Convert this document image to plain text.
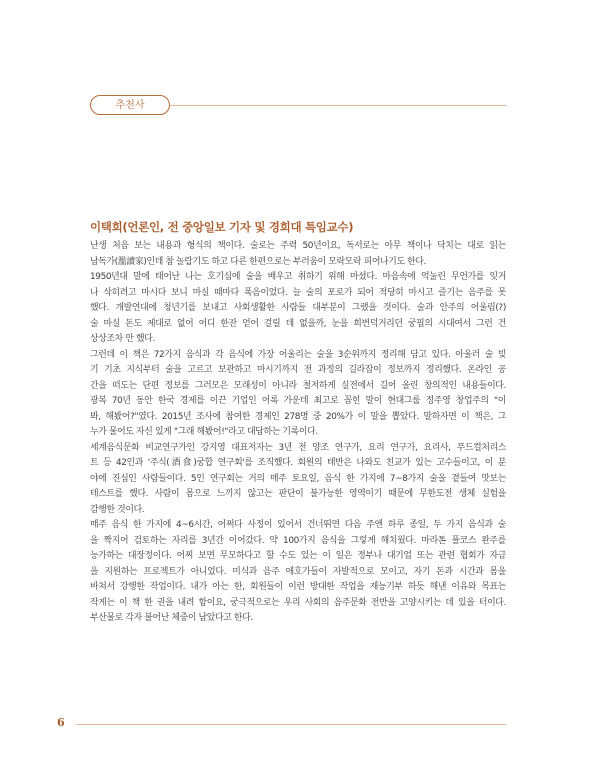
추천사
이택희(언론인, 전 중앙일보 기자 및 경희대 특임교수)
난생 처음 보는 내용과 형식의 책이다. 술로는 주력 50년이요, 독서로는 아무 책이나 닥치는 대로 읽는
남독가(濫讀家)인데 참 놀랍기도 하고 다른 한편으로는 부러움이 모락모락 피어나기도 한다.
1950년대 말에 태어난 나는 호기심에 술을 배우고 취하기 위해 마셨다. 마음속에 억눌린 무언가를 잊거
나 삭히려고 마시다 보니 마실 때마다 폭음이었다. 늘 술의 포로가 되어 적당히 마시고 즐기는 음주를 못
했다. 개발연대에 청년기를 보내고 사회생활한 사람들 대부분이 그랬을 것이다. 술과 안주의 어울림(?)
술 마실 돈도 제대로 없어 어디 한잔 얻어 걸릴 데 없을까, 눈을 희번덕거리던 궁핍의 시대여서 그런 건
상상조차 안 했다.
그런데 이 책은 72가지 음식과 각 음식에 가장 어울리는 술을 3순위까지 정리해 담고 있다. 아울러 술 빚
기 기초 지식부터 술을 고르고 보관하고 마시기까지 전 과정의 길라잡이 정보까지 정리했다. 온라인 공
간을 떠도는 단편 정보를 그러모은 모래성이 아니라 철저하게 실전에서 길어 올린 창의적인 내용들이다.
광복 70년 동안 한국 경제를 이끈 기업인 어록 가운데 최고로 꼽힌 말이 현대그룹 정주영 창업주의 "이
봐, 해봤어?"였다. 2015년 조사에 참여한 경제인 278명 중 20%가 이 말을 뽑았다. 말하자면 이 책은, 그
누가 물어도 자신 있게 "그래 해봤어!"라고 대답하는 기록이다.
세계음식문화 비교연구가인 강지영 대표저자는 3년 전 양조 연구가, 요리 연구가, 요리사, 푸드컬처리스
트 등 42인과 '주식(酒食)궁합 연구회'를 조직했다. 회원의 태반은 나와도 친교가 있는 고수들이고, 이 분
야에 진심인 사람들이다. 5인 연구회는 거의 매주 토요일, 음식 한 가지에 7~8가지 술을 곁들여 맛보는
테스트를 했다. 사람이 몸으로 느끼지 않고는 판단이 불가능한 영역이기 때문에 무한도전 생체 실험을
감행한 것이다.
매주 음식 한 가지에 4~6시간, 어쩌다 사정이 있어서 건너뛰면 다음 주엔 하루 종일, 두 가지 음식과 술
을 짝지어 검토하는 자리를 3년간 이어갔다. 약 100가지 음식을 그렇게 해치웠다. 마라톤 풀코스 완주를
능가하는 대장정이다. 어찌 보면 무모하다고 할 수도 있는 이 일은 정부나 대기업 또는 관련 협회가 자금
을 지원하는 프로젝트가 아니었다. 미식과 음주 애호가들이 자발적으로 모이고, 자기 돈과 시간과 몸을
바쳐서 강행한 작업이다. 내가 아는 한, 회원들이 이런 방대한 작업을 재능기부 하듯 해낸 이유와 목표는
작게는 이 책 한 권을 내려 함이요, 궁극적으로는 우리 사회의 음주문화 전반을 고양시키는 데 있을 터이다.
부산물로 각자 불어난 체중이 남았다고 한다.
6
